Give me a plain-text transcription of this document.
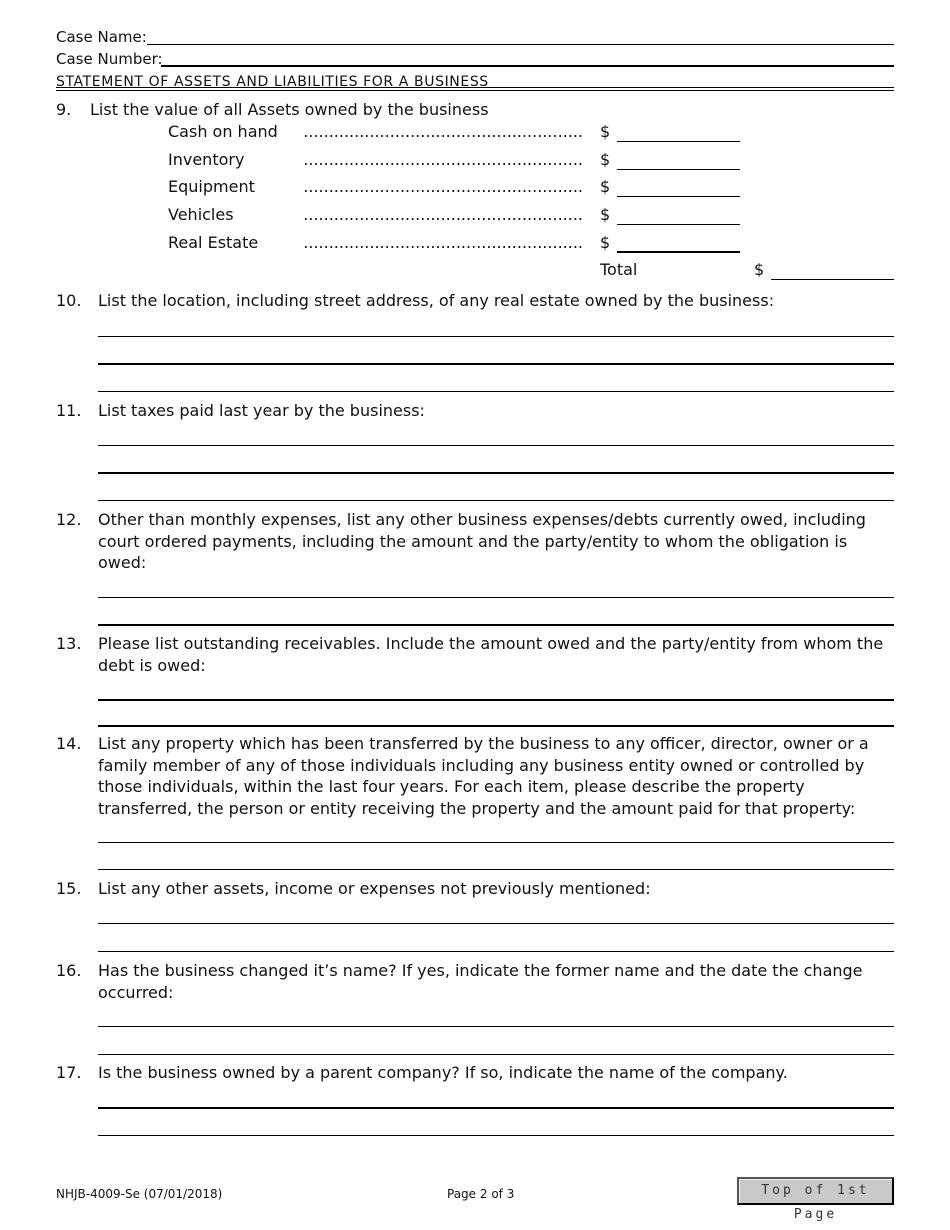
Case Name:
Case Number:
STATEMENT OF ASSETS AND LIABILITIES FOR A BUSINESS
9. List the value of all Assets owned by the business
Cash on hand ....................................................... $
Inventory	....................................................... $
Equipment	....................................................... $
Vehicles	....................................................... $
Real Estate	....................................................... $
Total	$
10. List the location, including street address, of any real estate owned by the business:
11. List taxes paid last year by the business:
12. Other than monthly expenses, list any other business expenses/debts currently owed, including court ordered payments, including the amount and the party/entity to whom the obligation is owed:
13. Please list outstanding receivables. Include the amount owed and the party/entity from whom the debt is owed:
14. List any property which has been transferred by the business to any officer, director, owner or a family member of any of those individuals including any business entity owned or controlled by those individuals, within the last four years. For each item, please describe the property transferred, the person or entity receiving the property and the amount paid for that property:
15. List any other assets, income or expenses not previously mentioned:
16. Has the business changed it’s name? If yes, indicate the former name and the date the change occurred:
17. Is the business owned by a parent company? If so, indicate the name of the company.
NHJB-4009-Se (07/01/2018)	Page 2 of 3	Top of 1st Page
